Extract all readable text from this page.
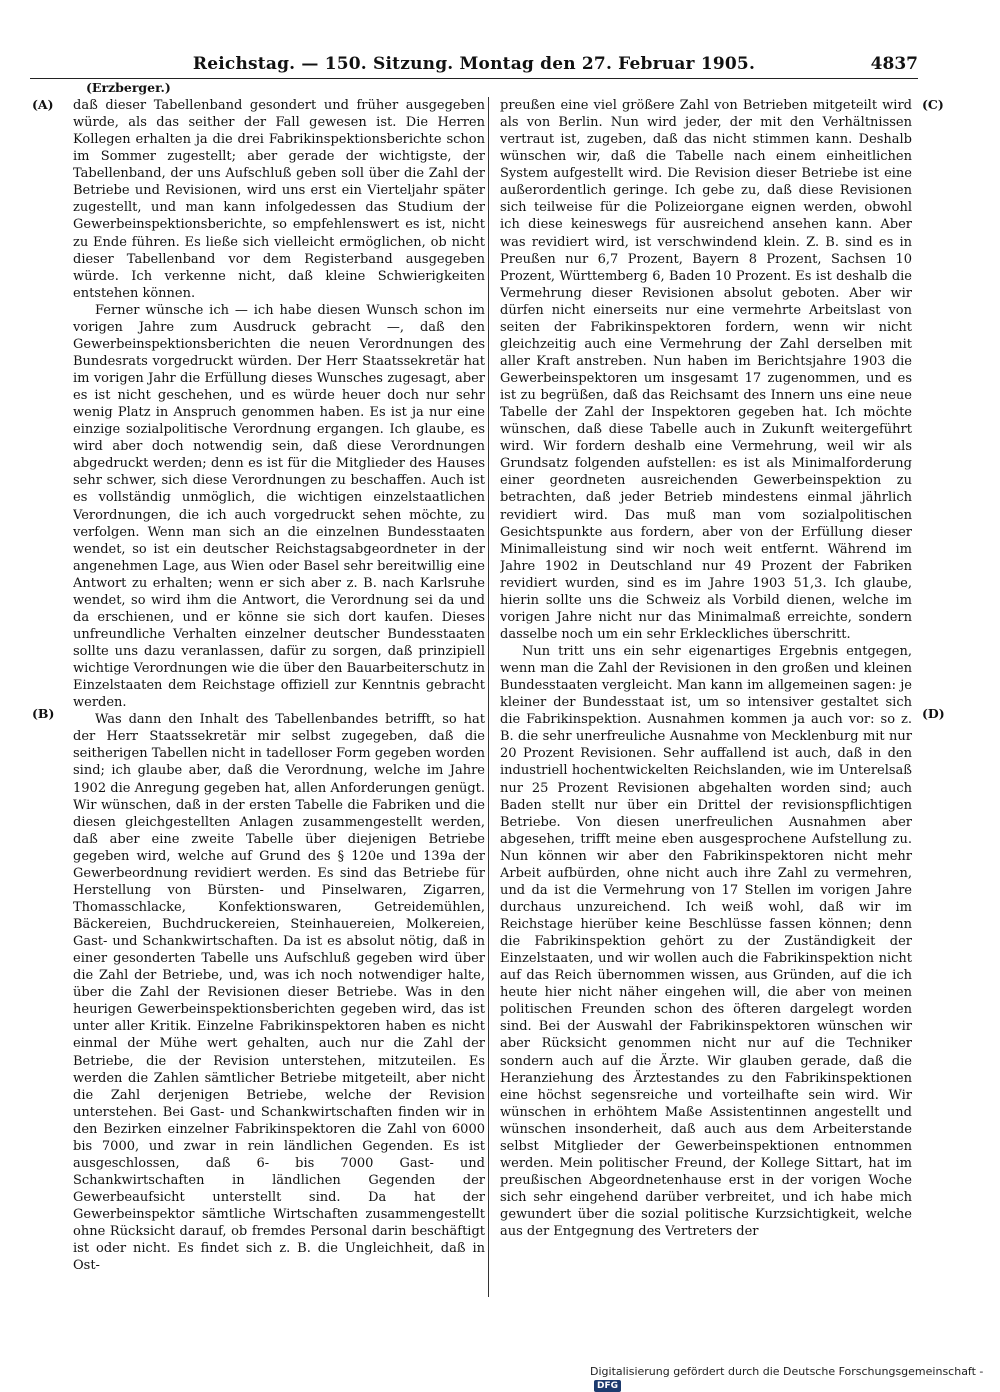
Reichstag. — 150. Sitzung. Montag den 27. Februar 1905.	4837
(Erzberger.)
(A)
(B)
(C)
(D)

daß dieser Tabellenband gesondert und früher ausgegeben würde, als das seither der Fall gewesen ist. Die Herren Kollegen erhalten ja die drei Fabrikinspektionsberichte schon im Sommer zugestellt; aber gerade der wichtigste, der Tabellenband, der uns Aufschluß geben soll über die Zahl der Betriebe und Revisionen, wird uns erst ein Vierteljahr später zugestellt, und man kann infolgedessen das Studium der Gewerbeinspektionsberichte, so empfehlenswert es ist, nicht zu Ende führen. Es ließe sich vielleicht ermöglichen, ob nicht dieser Tabellenband vor dem Registerband ausgegeben würde. Ich verkenne nicht, daß kleine Schwierigkeiten entstehen können.

Ferner wünsche ich — ich habe diesen Wunsch schon im vorigen Jahre zum Ausdruck gebracht —, daß den Gewerbeinspektionsberichten die neuen Verordnungen des Bundesrats vorgedruckt würden. Der Herr Staatssekretär hat im vorigen Jahr die Erfüllung dieses Wunsches zugesagt, aber es ist nicht geschehen, und es würde heuer doch nur sehr wenig Platz in Anspruch genommen haben. Es ist ja nur eine einzige sozialpolitische Verordnung ergangen. Ich glaube, es wird aber doch notwendig sein, daß diese Verordnungen abgedruckt werden; denn es ist für die Mitglieder des Hauses sehr schwer, sich diese Verordnungen zu beschaffen. Auch ist es vollständig unmöglich, die wichtigen einzelstaatlichen Verordnungen, die ich auch vorgedruckt sehen möchte, zu verfolgen. Wenn man sich an die einzelnen Bundesstaaten wendet, so ist ein deutscher Reichstagsabgeordneter in der angenehmen Lage, aus Wien oder Basel sehr bereitwillig eine Antwort zu erhalten; wenn er sich aber z. B. nach Karlsruhe wendet, so wird ihm die Antwort, die Verordnung sei da und da erschienen, und er könne sie sich dort kaufen. Dieses unfreundliche Verhalten einzelner deutscher Bundesstaaten sollte uns dazu veranlassen, dafür zu sorgen, daß prinzipiell wichtige Verordnungen wie die über den Bauarbeiterschutz in Einzelstaaten dem Reichstage offiziell zur Kenntnis gebracht werden.

Was dann den Inhalt des Tabellenbandes betrifft, so hat der Herr Staatssekretär mir selbst zugegeben, daß die seitherigen Tabellen nicht in tadelloser Form gegeben worden sind; ich glaube aber, daß die Verordnung, welche im Jahre 1902 die Anregung gegeben hat, allen Anforderungen genügt. Wir wünschen, daß in der ersten Tabelle die Fabriken und die diesen gleichgestellten Anlagen zusammengestellt werden, daß aber eine zweite Tabelle über diejenigen Betriebe gegeben wird, welche auf Grund des § 120e und 139a der Gewerbeordnung revidiert werden. Es sind das Betriebe für Herstellung von Bürsten- und Pinselwaren, Zigarren, Thomasschlacke, Konfektionswaren, Getreidemühlen, Bäckereien, Buchdruckereien, Steinhauereien, Molkereien, Gast- und Schankwirtschaften. Da ist es absolut nötig, daß in einer gesonderten Tabelle uns Aufschluß gegeben wird über die Zahl der Betriebe, und, was ich noch notwendiger halte, über die Zahl der Revisionen dieser Betriebe. Was in den heurigen Gewerbeinspektionsberichten gegeben wird, das ist unter aller Kritik. Einzelne Fabrikinspektoren haben es nicht einmal der Mühe wert gehalten, auch nur die Zahl der Betriebe, die der Revision unterstehen, mitzuteilen. Es werden die Zahlen sämtlicher Betriebe mitgeteilt, aber nicht die Zahl derjenigen Betriebe, welche der Revision unterstehen. Bei Gast- und Schankwirtschaften finden wir in den Bezirken einzelner Fabrikinspektoren die Zahl von 6000 bis 7000, und zwar in rein ländlichen Gegenden. Es ist ausgeschlossen, daß 6- bis 7000 Gast- und Schankwirtschaften in ländlichen Gegenden der Gewerbeaufsicht unterstellt sind. Da hat der Gewerbeinspektor sämtliche Wirtschaften zusammengestellt ohne Rücksicht darauf, ob fremdes Personal darin beschäftigt ist oder nicht. Es findet sich z. B. die Ungleichheit, daß in Ost-

preußen eine viel größere Zahl von Betrieben mitgeteilt wird als von Berlin. Nun wird jeder, der mit den Verhältnissen vertraut ist, zugeben, daß das nicht stimmen kann. Deshalb wünschen wir, daß die Tabelle nach einem einheitlichen System aufgestellt wird. Die Revision dieser Betriebe ist eine außerordentlich geringe. Ich gebe zu, daß diese Revisionen sich teilweise für die Polizeiorgane eignen werden, obwohl ich diese keineswegs für ausreichend ansehen kann. Aber was revidiert wird, ist verschwindend klein. Z. B. sind es in Preußen nur 6,7 Prozent, Bayern 8 Prozent, Sachsen 10 Prozent, Württemberg 6, Baden 10 Prozent. Es ist deshalb die Vermehrung dieser Revisionen absolut geboten. Aber wir dürfen nicht einerseits nur eine vermehrte Arbeitslast von seiten der Fabrikinspektoren fordern, wenn wir nicht gleichzeitig auch eine Vermehrung der Zahl derselben mit aller Kraft anstreben. Nun haben im Berichtsjahre 1903 die Gewerbeinspektoren um insgesamt 17 zugenommen, und es ist zu begrüßen, daß das Reichsamt des Innern uns eine neue Tabelle der Zahl der Inspektoren gegeben hat. Ich möchte wünschen, daß diese Tabelle auch in Zukunft weitergeführt wird. Wir fordern deshalb eine Vermehrung, weil wir als Grundsatz folgenden aufstellen: es ist als Minimalforderung einer geordneten ausreichenden Gewerbeinspektion zu betrachten, daß jeder Betrieb mindestens einmal jährlich revidiert wird. Das muß man vom sozialpolitischen Gesichtspunkte aus fordern, aber von der Erfüllung dieser Minimalleistung sind wir noch weit entfernt. Während im Jahre 1902 in Deutschland nur 49 Prozent der Fabriken revidiert wurden, sind es im Jahre 1903 51,3. Ich glaube, hierin sollte uns die Schweiz als Vorbild dienen, welche im vorigen Jahre nicht nur das Minimalmaß erreichte, sondern dasselbe noch um ein sehr Erkleckliches überschritt.

Nun tritt uns ein sehr eigenartiges Ergebnis entgegen, wenn man die Zahl der Revisionen in den großen und kleinen Bundesstaaten vergleicht. Man kann im allgemeinen sagen: je kleiner der Bundesstaat ist, um so intensiver gestaltet sich die Fabrikinspektion. Ausnahmen kommen ja auch vor: so z. B. die sehr unerfreuliche Ausnahme von Mecklenburg mit nur 20 Prozent Revisionen. Sehr auffallend ist auch, daß in den industriell hochentwickelten Reichslanden, wie im Unterelsaß nur 25 Prozent Revisionen abgehalten worden sind; auch Baden stellt nur über ein Drittel der revisionspflichtigen Betriebe. Von diesen unerfreulichen Ausnahmen aber abgesehen, trifft meine eben ausgesprochene Aufstellung zu. Nun können wir aber den Fabrikinspektoren nicht mehr Arbeit aufbürden, ohne nicht auch ihre Zahl zu vermehren, und da ist die Vermehrung von 17 Stellen im vorigen Jahre durchaus unzureichend. Ich weiß wohl, daß wir im Reichstage hierüber keine Beschlüsse fassen können; denn die Fabrikinspektion gehört zu der Zuständigkeit der Einzelstaaten, und wir wollen auch die Fabrikinspektion nicht auf das Reich übernommen wissen, aus Gründen, auf die ich heute hier nicht näher eingehen will, die aber von meinen politischen Freunden schon des öfteren dargelegt worden sind. Bei der Auswahl der Fabrikinspektoren wünschen wir aber Rücksicht genommen nicht nur auf die Techniker sondern auch auf die Ärzte. Wir glauben gerade, daß die Heranziehung des Ärztestandes zu den Fabrikinspektionen eine höchst segensreiche und vorteilhafte sein wird. Wir wünschen in erhöhtem Maße Assistentinnen angestellt und wünschen insonderheit, daß auch aus dem Arbeiterstande selbst Mitglieder der Gewerbeinspektionen entnommen werden. Mein politischer Freund, der Kollege Sittart, hat im preußischen Abgeordnetenhause erst in der vorigen Woche sich sehr eingehend darüber verbreitet, und ich habe mich gewundert über die sozial politische Kurzsichtigkeit, welche aus der Entgegnung des Vertreters der

Digitalisierung gefördert durch die Deutsche Forschungsgemeinschaft -DFG
